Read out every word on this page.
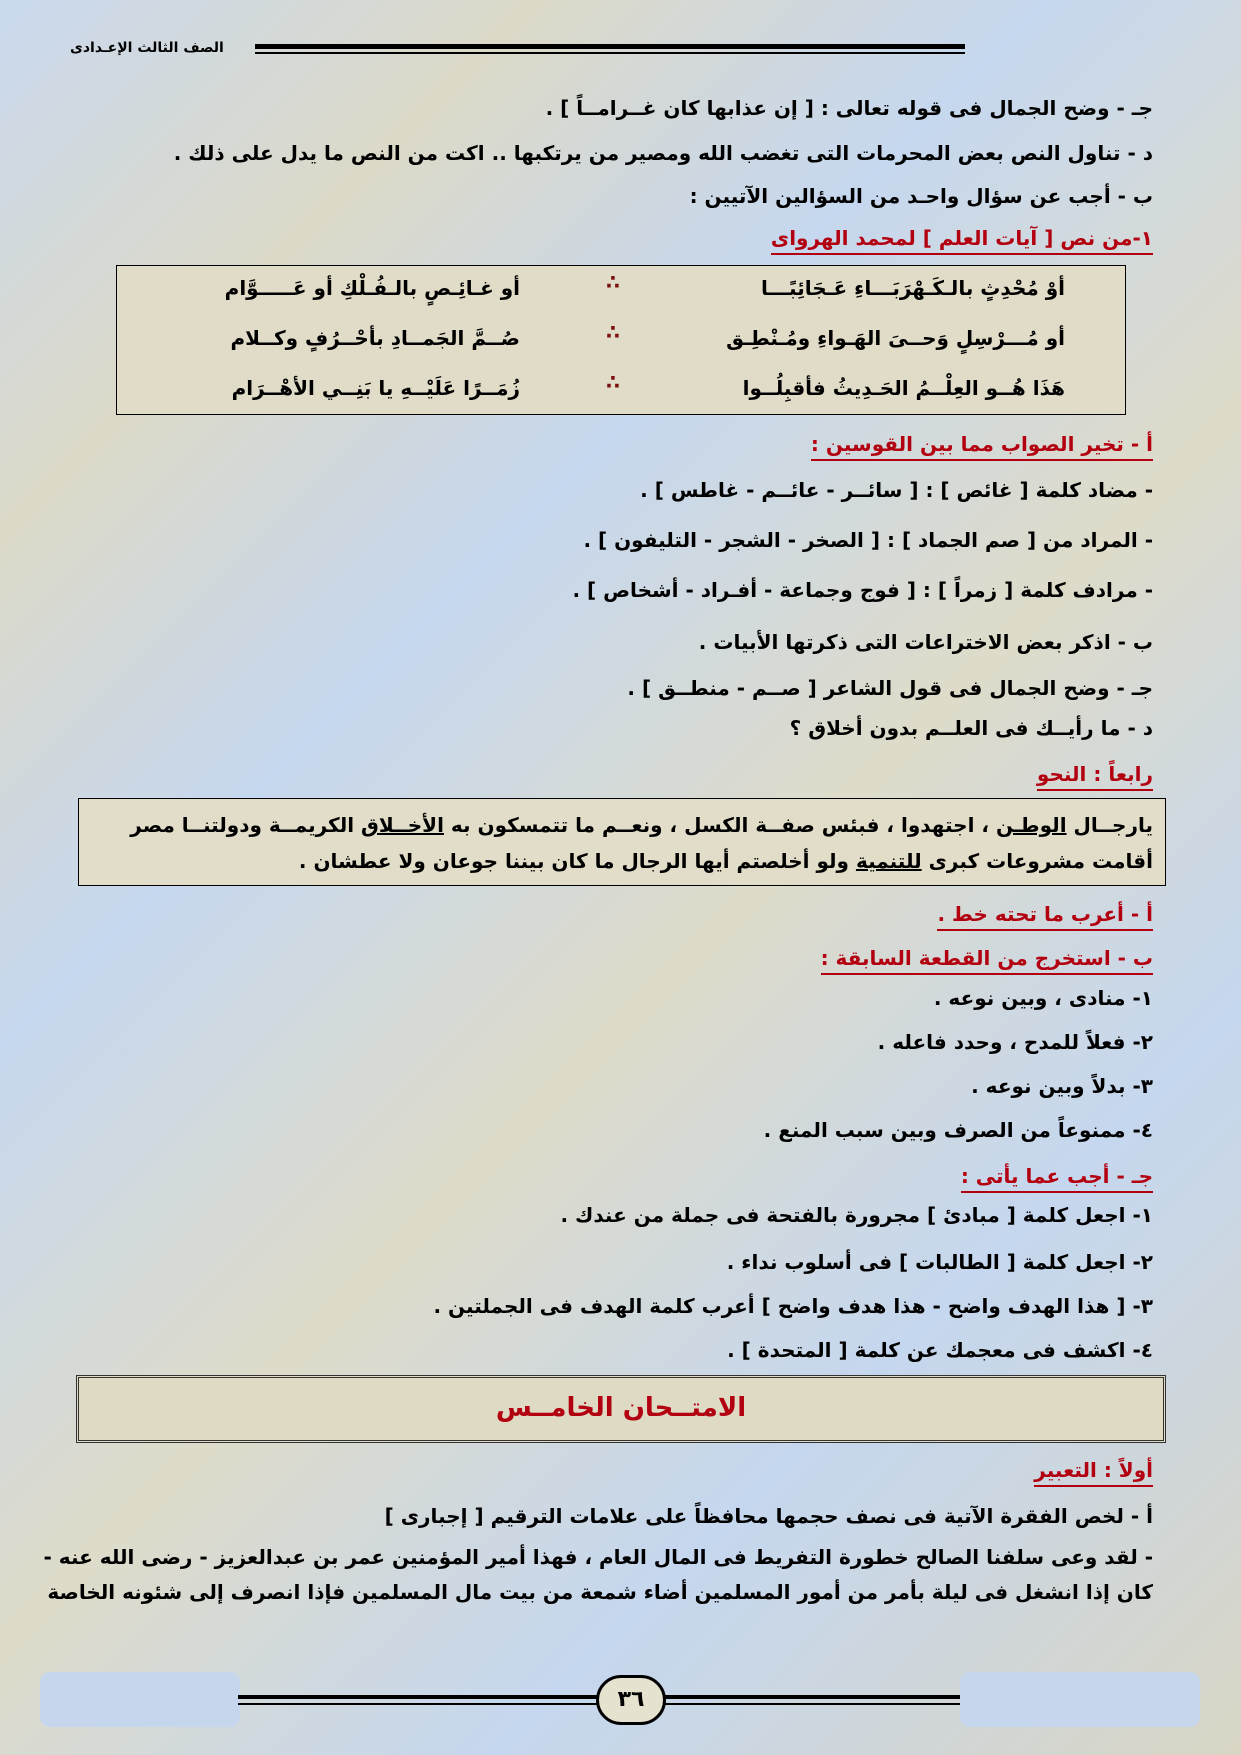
الصف الثالث الإعـدادى
جـ - وضح الجمال فى قوله تعالى : [ إن عذابها كان غــرامــاً ] .
د - تناول النص بعض المحرمات التى تغضب الله ومصير من يرتكبها .. اكت من النص ما يدل على ذلك .
ب - أجب عن سؤال واحـد من السؤالين الآتيين :
١-من نص [ آيات العلم ] لمحمد الهرواى
أوْ مُحْدِثٍ بالـكَـهْرَبَـــاءِ عَـجَائِبًـــا
∴
أو غـائِـصٍ بالـفُـلْكِ أو عَـــــوَّام
أو مُـــرْسِلٍ وَحــىَ الهَـواءِ ومُـنْطِـق
∴
صُــمَّ الجَمــادِ بأحْــرُفٍ وكــلام
هَذَا هُــو العِلْــمُ الحَـدِيثُ فأقبِلُــوا
∴
زُمَــرًا عَلَيْــهِ يا بَنِــي الأهْــرَام
أ - تخير الصواب مما بين القوسين :
- مضاد كلمة [ غائص ] : [ سائــر - عائــم - غاطس ] .
- المراد من [ صم الجماد ] : [ الصخر - الشجر - التليفون ] .
- مرادف كلمة [ زمراً ] : [ فوج وجماعة - أفـراد - أشخاص ] .
ب - اذكر بعض الاختراعات التى ذكرتها الأبيات .
جـ - وضح الجمال فى قول الشاعر [ صــم - منطــق ] .
د - ما رأيــك فى العلــم بدون أخلاق ؟
رابعاً : النحو
يارجــال الوطـن ، اجتهدوا ، فبئس صفــة الكسل ، ونعــم ما تتمسكون به الأخــلاق الكريمــة ودولتنــا مصر أقامت مشروعات كبرى للتنمية ولو أخلصتم أيها الرجال ما كان بيننا جوعان ولا عطشان .
أ - أعرب ما تحته خط .
ب - استخرج من القطعة السابقة :
١- منادى ، وبين نوعه .
٢- فعلاً للمدح ، وحدد فاعله .
٣- بدلاً وبين نوعه .
٤- ممنوعاً من الصرف وبين سبب المنع .
جـ - أجب عما يأتى :
١- اجعل كلمة [ مبادئ ] مجرورة بالفتحة فى جملة من عندك .
٢- اجعل كلمة [ الطالبات ] فى أسلوب نداء .
٣- [ هذا الهدف واضح - هذا هدف واضح ] أعرب كلمة الهدف فى الجملتين .
٤- اكشف فى معجمك عن كلمة [ المتحدة ] .
الامتــحان الخامــس
أولاً : التعبير
أ - لخص الفقرة الآتية فى نصف حجمها محافظاً على علامات الترقيم [ إجبارى ]
- لقد وعى سلفنا الصالح خطورة التفريط فى المال العام ، فهذا أمير المؤمنين عمر بن عبدالعزيز - رضى الله عنه -
كان إذا انشغل فى ليلة بأمر من أمور المسلمين أضاء شمعة من بيت مال المسلمين فإذا انصرف إلى شئونه الخاصة
٣٦
